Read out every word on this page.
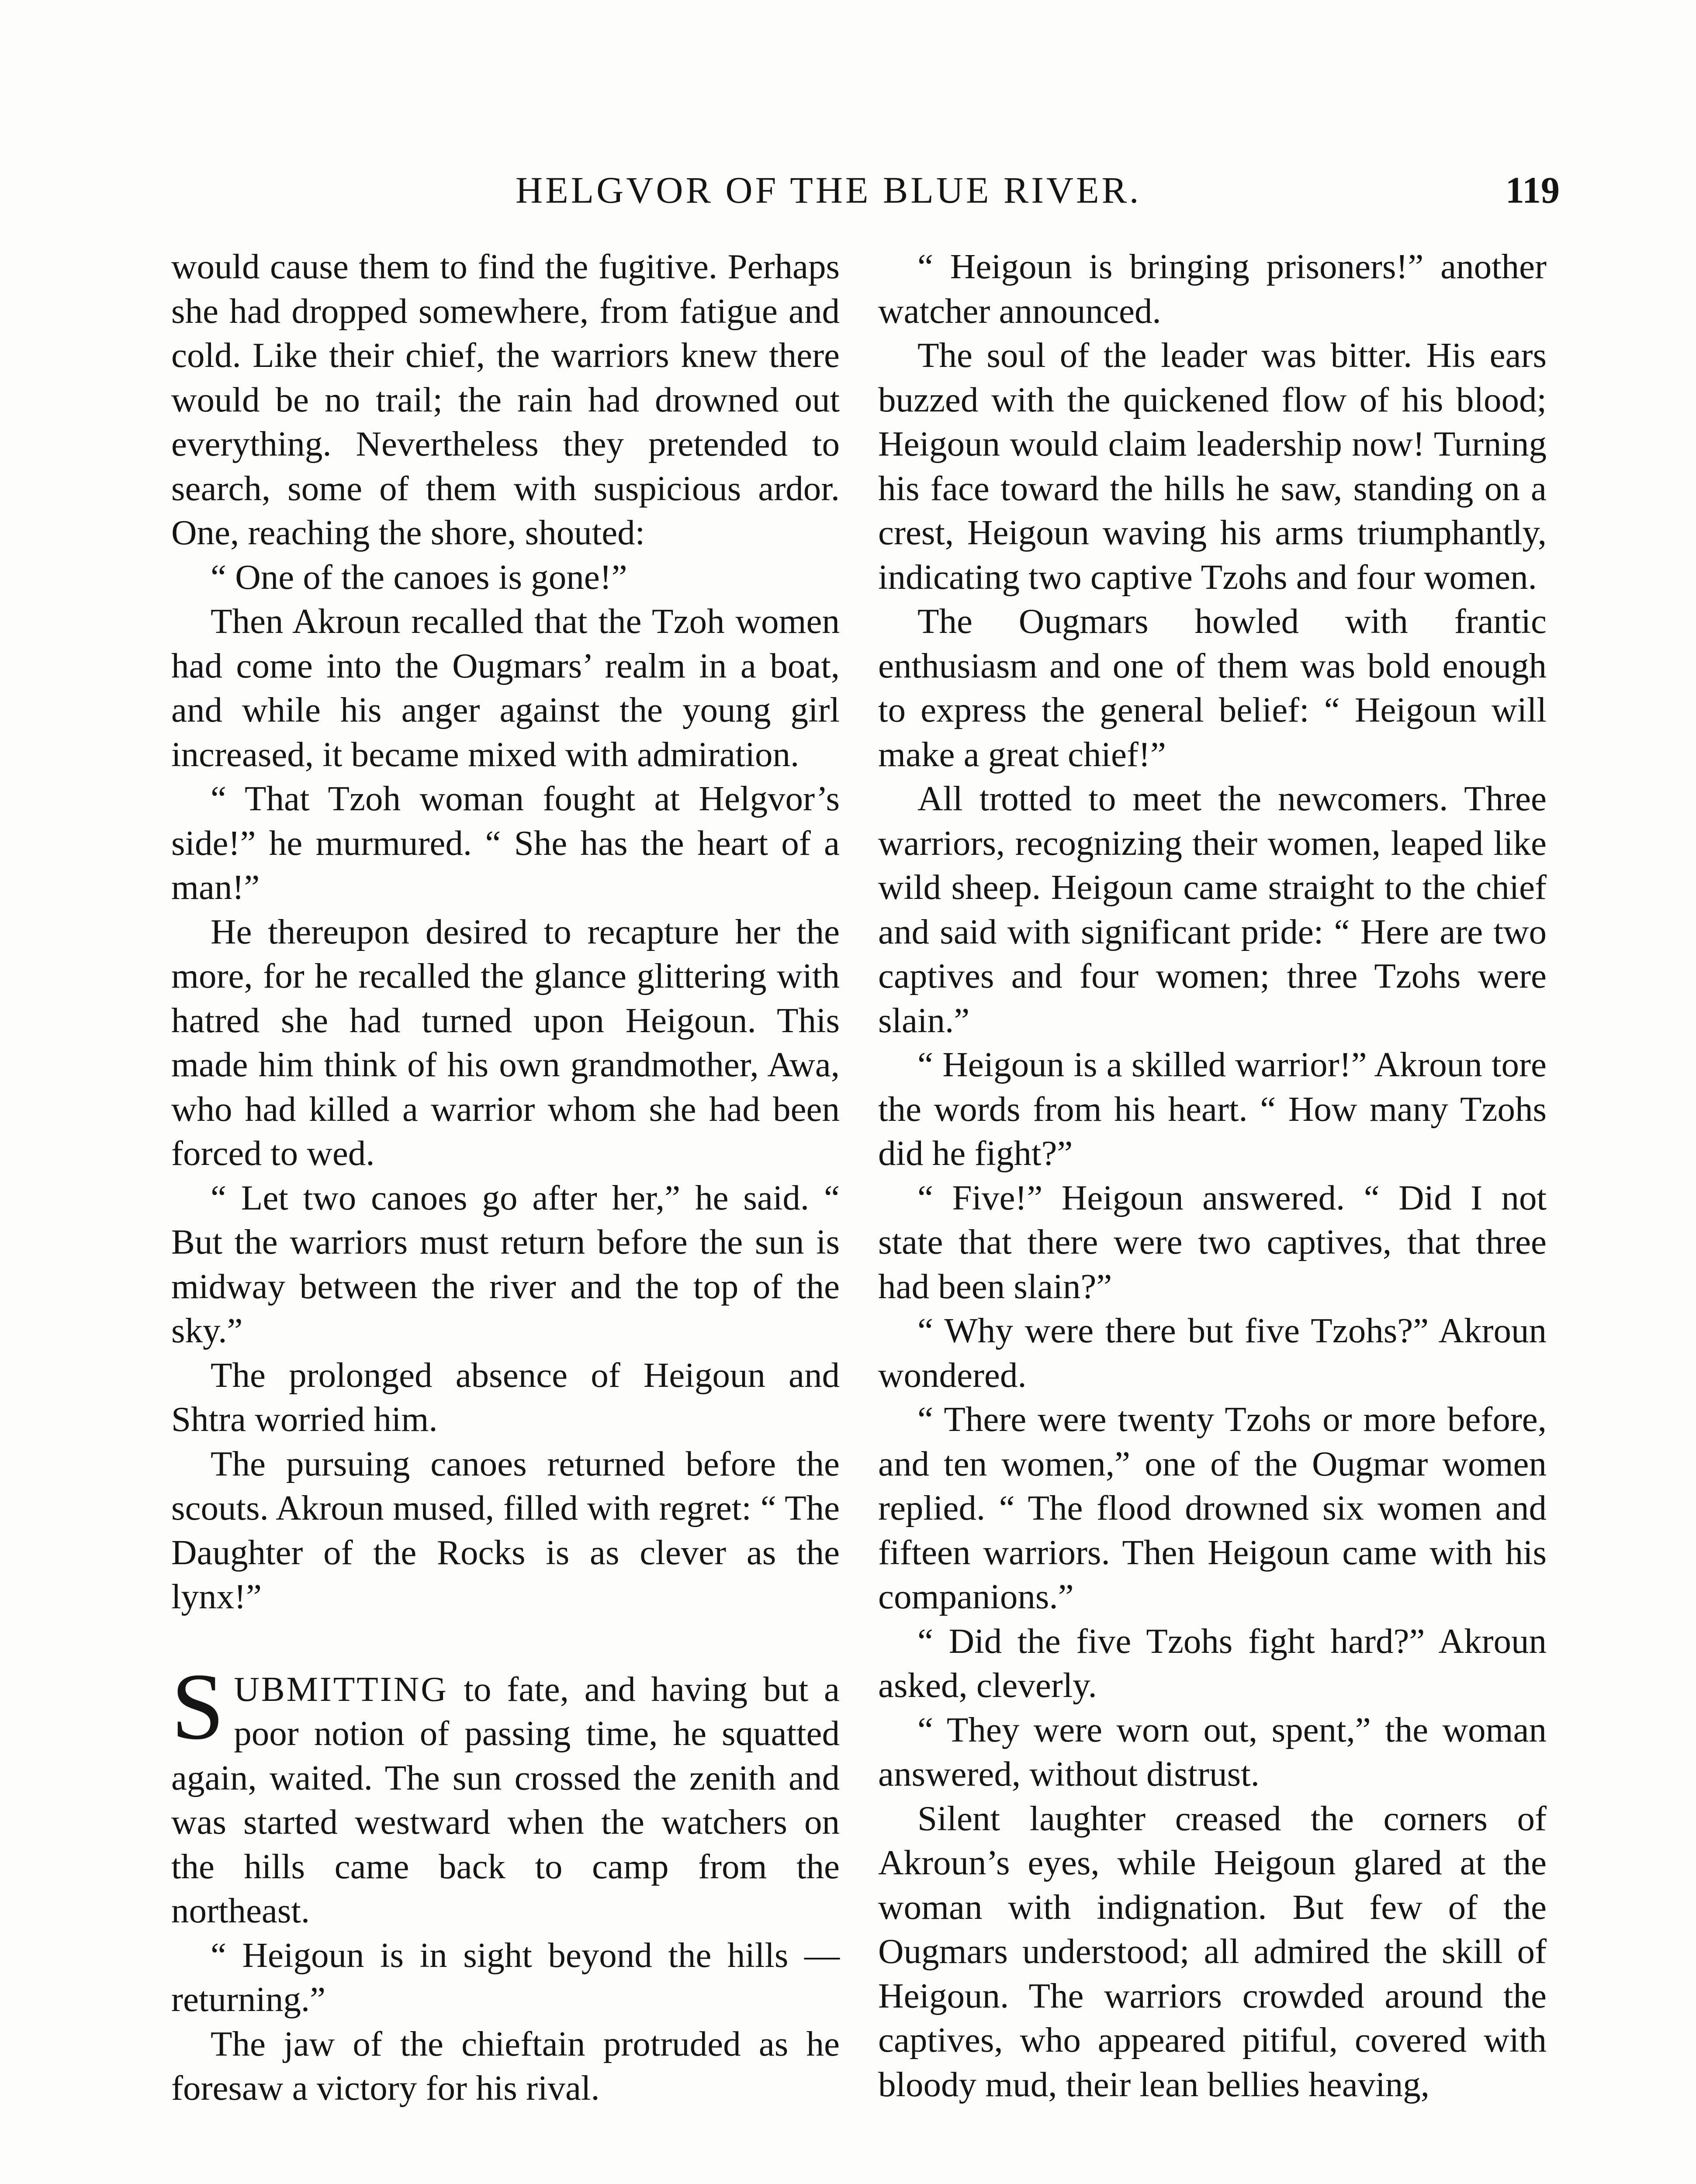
HELGVOR OF THE BLUE RIVER.	119

would cause them to find the fugitive. Perhaps she had dropped somewhere, from fatigue and cold. Like their chief, the warriors knew there would be no trail; the rain had drowned out everything. Nevertheless they pretended to search, some of them with suspicious ardor. One, reaching the shore, shouted:

“ One of the canoes is gone!”

Then Akroun recalled that the Tzoh women had come into the Ougmars’ realm in a boat, and while his anger against the young girl increased, it became mixed with admiration.

“ That Tzoh woman fought at Helgvor’s side!” he murmured. “ She has the heart of a man!”

He thereupon desired to recapture her the more, for he recalled the glance glittering with hatred she had turned upon Heigoun. This made him think of his own grandmother, Awa, who had killed a warrior whom she had been forced to wed.

“ Let two canoes go after her,” he said. “ But the warriors must return before the sun is midway between the river and the top of the sky.”

The prolonged absence of Heigoun and Shtra worried him.

The pursuing canoes returned before the scouts. Akroun mused, filled with regret: “ The Daughter of the Rocks is as clever as the lynx!”

SUBMITTING to fate, and having but a poor notion of passing time, he squatted again, waited. The sun crossed the zenith and was started westward when the watchers on the hills came back to camp from the northeast.

“ Heigoun is in sight beyond the hills —returning.”

The jaw of the chieftain protruded as he foresaw a victory for his rival.

“ Heigoun is bringing prisoners!” another watcher announced.

The soul of the leader was bitter. His ears buzzed with the quickened flow of his blood; Heigoun would claim leadership now! Turning his face toward the hills he saw, standing on a crest, Heigoun waving his arms triumphantly, indicating two captive Tzohs and four women.

The Ougmars howled with frantic enthusiasm and one of them was bold enough to express the general belief: “ Heigoun will make a great chief!”

All trotted to meet the newcomers. Three warriors, recognizing their women, leaped like wild sheep. Heigoun came straight to the chief and said with significant pride: “ Here are two captives and four women; three Tzohs were slain.”

“ Heigoun is a skilled warrior!” Akroun tore the words from his heart. “ How many Tzohs did he fight?”

“ Five!” Heigoun answered. “ Did I not state that there were two captives, that three had been slain?”

“ Why were there but five Tzohs?” Akroun wondered.

“ There were twenty Tzohs or more before, and ten women,” one of the Ougmar women replied. “ The flood drowned six women and fifteen warriors. Then Heigoun came with his companions.”

“ Did the five Tzohs fight hard?” Akroun asked, cleverly.

“ They were worn out, spent,” the woman answered, without distrust.

Silent laughter creased the corners of Akroun’s eyes, while Heigoun glared at the woman with indignation. But few of the Ougmars understood; all admired the skill of Heigoun. The warriors crowded around the captives, who appeared pitiful, covered with bloody mud, their lean bellies heaving,
